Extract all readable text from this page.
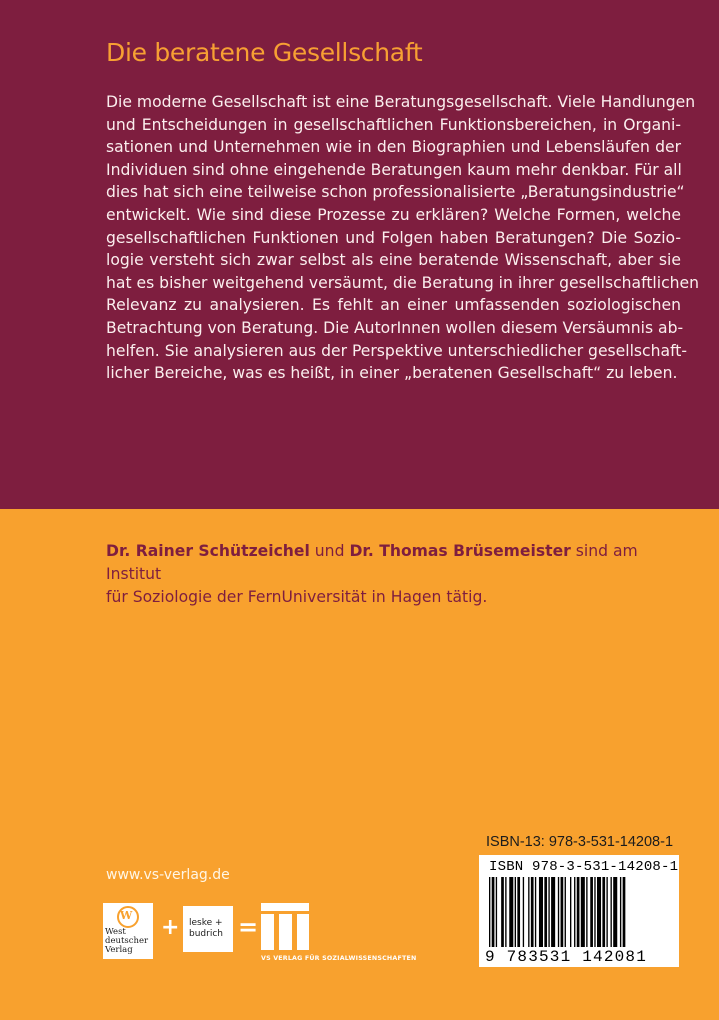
Die beratene Gesellschaft
Die moderne Gesellschaft ist eine Beratungsgesellschaft. Viele Handlungen
und Entscheidungen in gesellschaftlichen Funktionsbereichen, in Organi-
sationen und Unternehmen wie in den Biographien und Lebensläufen der
Individuen sind ohne eingehende Beratungen kaum mehr denkbar. Für all
dies hat sich eine teilweise schon professionalisierte „Beratungsindustrie“
entwickelt. Wie sind diese Prozesse zu erklären? Welche Formen, welche
gesellschaftlichen Funktionen und Folgen haben Beratungen? Die Sozio-
logie versteht sich zwar selbst als eine beratende Wissenschaft, aber sie
hat es bisher weitgehend versäumt, die Beratung in ihrer gesellschaftlichen
Relevanz zu analysieren. Es fehlt an einer umfassenden soziologischen
Betrachtung von Beratung. Die AutorInnen wollen diesem Versäumnis ab-
helfen. Sie analysieren aus der Perspektive unterschiedlicher gesellschaft-
licher Bereiche, was es heißt, in einer „beratenen Gesellschaft“ zu leben.
Dr. Rainer Schützeichel und Dr. Thomas Brüsemeister sind am Institut
für Soziologie der FernUniversität in Hagen tätig.
www.vs-verlag.de
ISBN-13: 978-3-531-14208-1
ISBN 978-3-531-14208-1
9 783531 142081
W
West deutscher Verlag
+ leske + budrich =
VS VERLAG FÜR SOZIALWISSENSCHAFTEN
